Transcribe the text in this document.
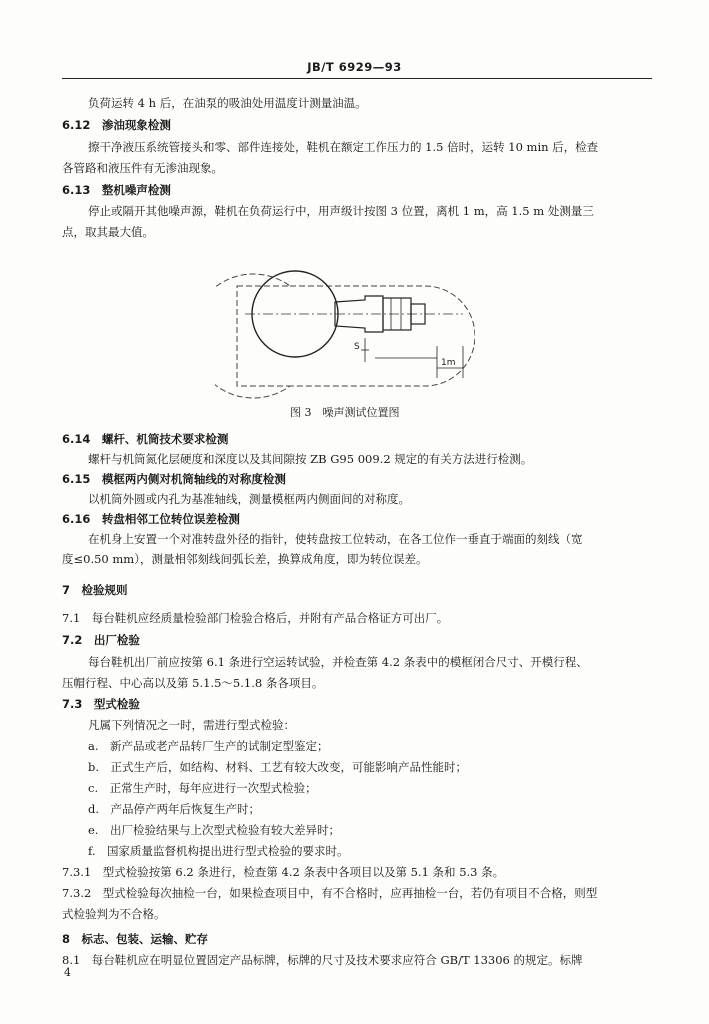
JB/T 6929—93
负荷运转 4 h 后，在油泵的吸油处用温度计测量油温。
6.12　渗油现象检测
擦干净液压系统管接头和零、部件连接处，鞋机在额定工作压力的 1.5 倍时，运转 10 min 后，检查
各管路和液压件有无渗油现象。
6.13　整机噪声检测
停止或隔开其他噪声源，鞋机在负荷运行中，用声级计按图 3 位置，离机 1 m，高 1.5 m 处测量三
点，取其最大值。
S
1m
图 3　噪声测试位置图
6.14　螺杆、机筒技术要求检测
螺杆与机筒氮化层硬度和深度以及其间隙按 ZB G95 009.2 规定的有关方法进行检测。
6.15　模框两内侧对机筒轴线的对称度检测
以机筒外圆或内孔为基准轴线，测量模框两内侧面间的对称度。
6.16　转盘相邻工位转位误差检测
在机身上安置一个对准转盘外径的指针，使转盘按工位转动，在各工位作一垂直于端面的刻线（宽
度≤0.50 mm），测量相邻刻线间弧长差，换算成角度，即为转位误差。
7　检验规则
7.1　每台鞋机应经质量检验部门检验合格后，并附有产品合格证方可出厂。
7.2　出厂检验
每台鞋机出厂前应按第 6.1 条进行空运转试验，并检查第 4.2 条表中的模框闭合尺寸、开模行程、
压帽行程、中心高以及第 5.1.5～5.1.8 条各项目。
7.3　型式检验
凡属下列情况之一时，需进行型式检验：
a.　新产品或老产品转厂生产的试制定型鉴定；
b.　正式生产后，如结构、材料、工艺有较大改变，可能影响产品性能时；
c.　正常生产时，每年应进行一次型式检验；
d.　产品停产两年后恢复生产时；
e.　出厂检验结果与上次型式检验有较大差异时；
f.　国家质量监督机构提出进行型式检验的要求时。
7.3.1　型式检验按第 6.2 条进行，检查第 4.2 条表中各项目以及第 5.1 条和 5.3 条。
7.3.2　型式检验每次抽检一台，如果检查项目中，有不合格时，应再抽检一台，若仍有项目不合格，则型
式检验判为不合格。
8　标志、包装、运输、贮存
8.1　每台鞋机应在明显位置固定产品标牌，标牌的尺寸及技术要求应符合 GB/T 13306 的规定。标牌
4
